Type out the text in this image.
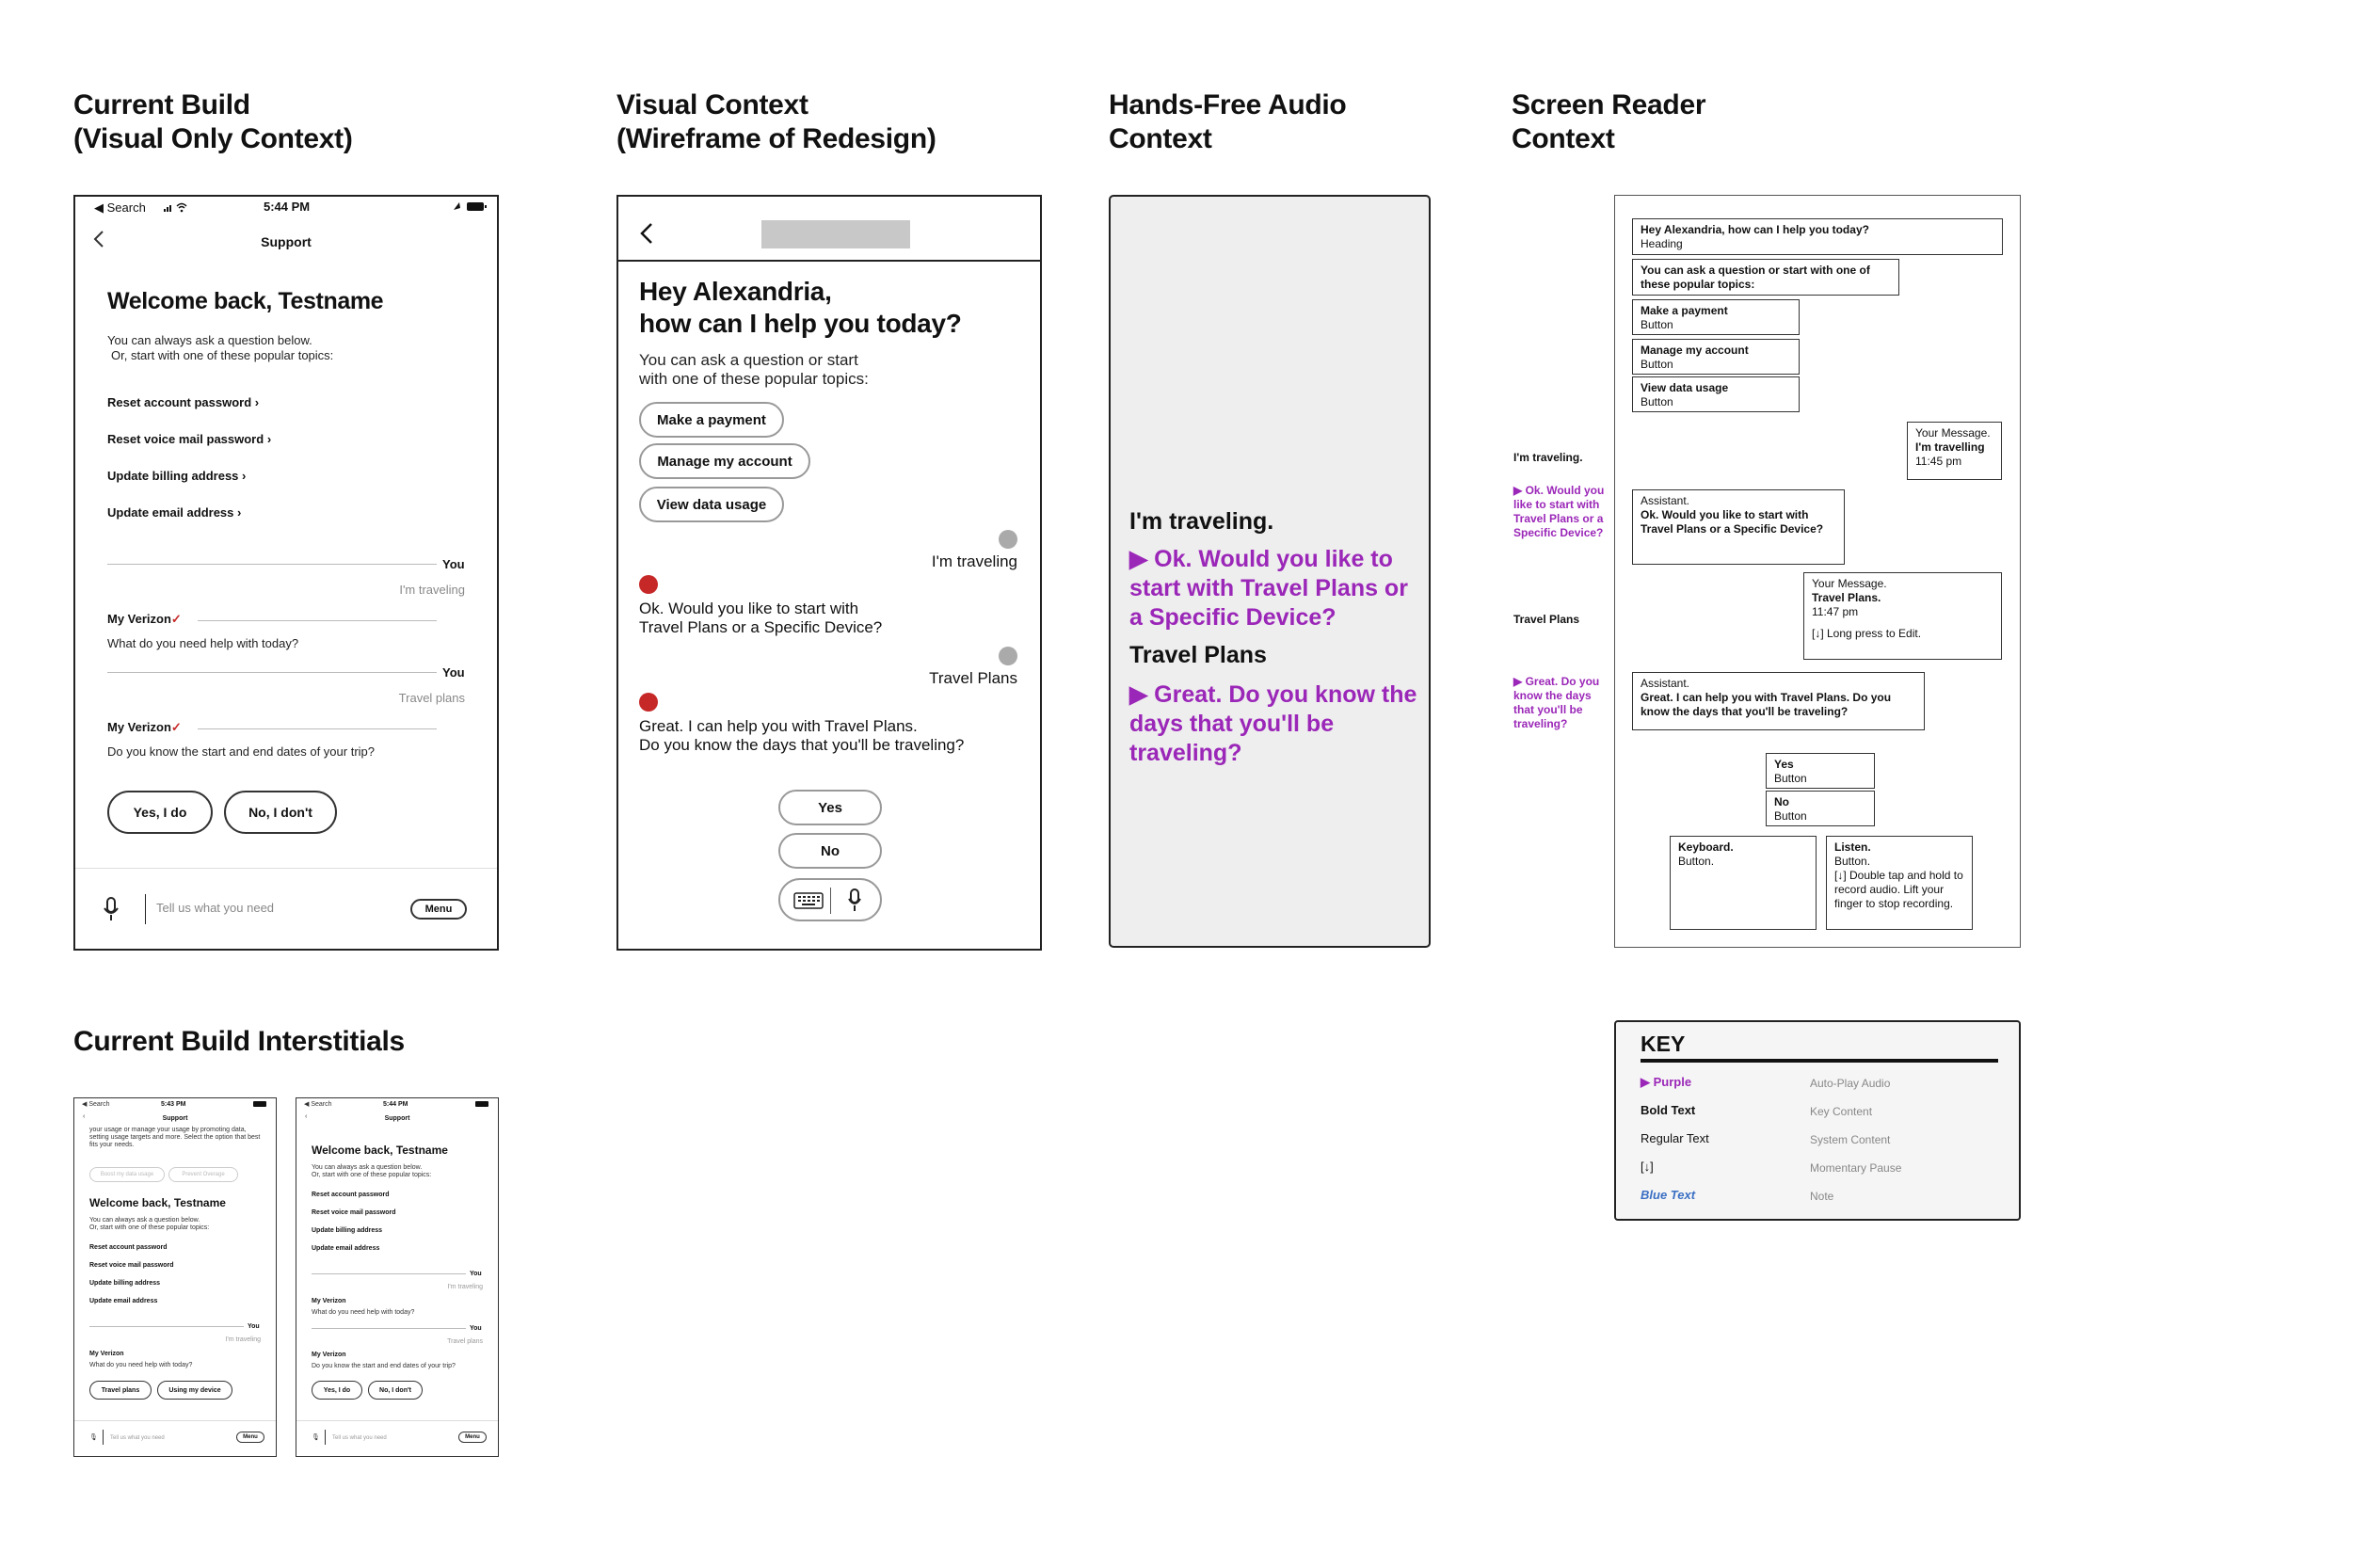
Current Build
(Visual Only Context)
Visual Context
(Wireframe of Redesign)
Hands-Free Audio
Context
Screen Reader
Context
Current Build Interstitials
◀ Search	5:44 PM
Support
Welcome back, Testname
You can always ask a question below.
Or, start with one of these popular topics:
Reset account password ›
Reset voice mail password ›
Update billing address ›
Update email address ›
You
I'm traveling
My Verizon✓
What do you need help with today?
You
Travel plans
My Verizon✓
Do you know the start and end dates of your trip?
Yes, I do	No, I don't
Tell us what you need	Menu
Hey Alexandria,
how can I help you today?
You can ask a question or start
with one of these popular topics:
Make a payment
Manage my account
View data usage
I'm traveling
Ok. Would you like to start with
Travel Plans or a Specific Device?
Travel Plans
Great. I can help you with Travel Plans.
Do you know the days that you'll be traveling?
Yes
No
I'm traveling.
▶ Ok. Would you like to start with Travel Plans or a Specific Device?
Travel Plans
▶ Great. Do you know the days that you'll be traveling?
I'm traveling.
▶ Ok. Would you like to start with Travel Plans or a Specific Device?
Travel Plans
▶ Great. Do you know the days that you'll be traveling?
Hey Alexandria, how can I help you today?
Heading
You can ask a question or start with one of these popular topics:
Make a payment
Button
Manage my account
Button
View data usage
Button
Your Message.
I'm travelling
11:45 pm
Assistant.
Ok. Would you like to start with Travel Plans or a Specific Device?
Your Message.
Travel Plans.
11:47 pm
[↓] Long press to Edit.
Assistant.
Great. I can help you with Travel Plans. Do you know the days that you'll be traveling?
Yes
Button
No
Button
Keyboard.
Button.
Listen.
Button.
[↓] Double tap and hold to record audio. Lift your finger to stop recording.
KEY
▶ Purple	Auto-Play Audio
Bold Text	Key Content
Regular Text	System Content
[↓]	Momentary Pause
Blue Text	Note
◀ Search	5:43 PM
‹	Support
your usage or manage your usage by promoting data,
setting usage targets and more. Select the option that best
fits your needs.
Boost my data usage	Prevent Overage
Welcome back, Testname
You can always ask a question below.
Or, start with one of these popular topics:
Reset account password
Reset voice mail password
Update billing address
Update email address
You
I'm traveling
My Verizon
What do you need help with today?
Travel plans	Using my device
🎙 Tell us what you need	Menu
◀ Search	5:44 PM
‹	Support
Welcome back, Testname
You can always ask a question below.
Or, start with one of these popular topics:
Reset account password
Reset voice mail password
Update billing address
Update email address
You
I'm traveling
My Verizon
What do you need help with today?
You
Travel plans
My Verizon
Do you know the start and end dates of your trip?
Yes, I do	No, I don't
🎙 Tell us what you need	Menu
